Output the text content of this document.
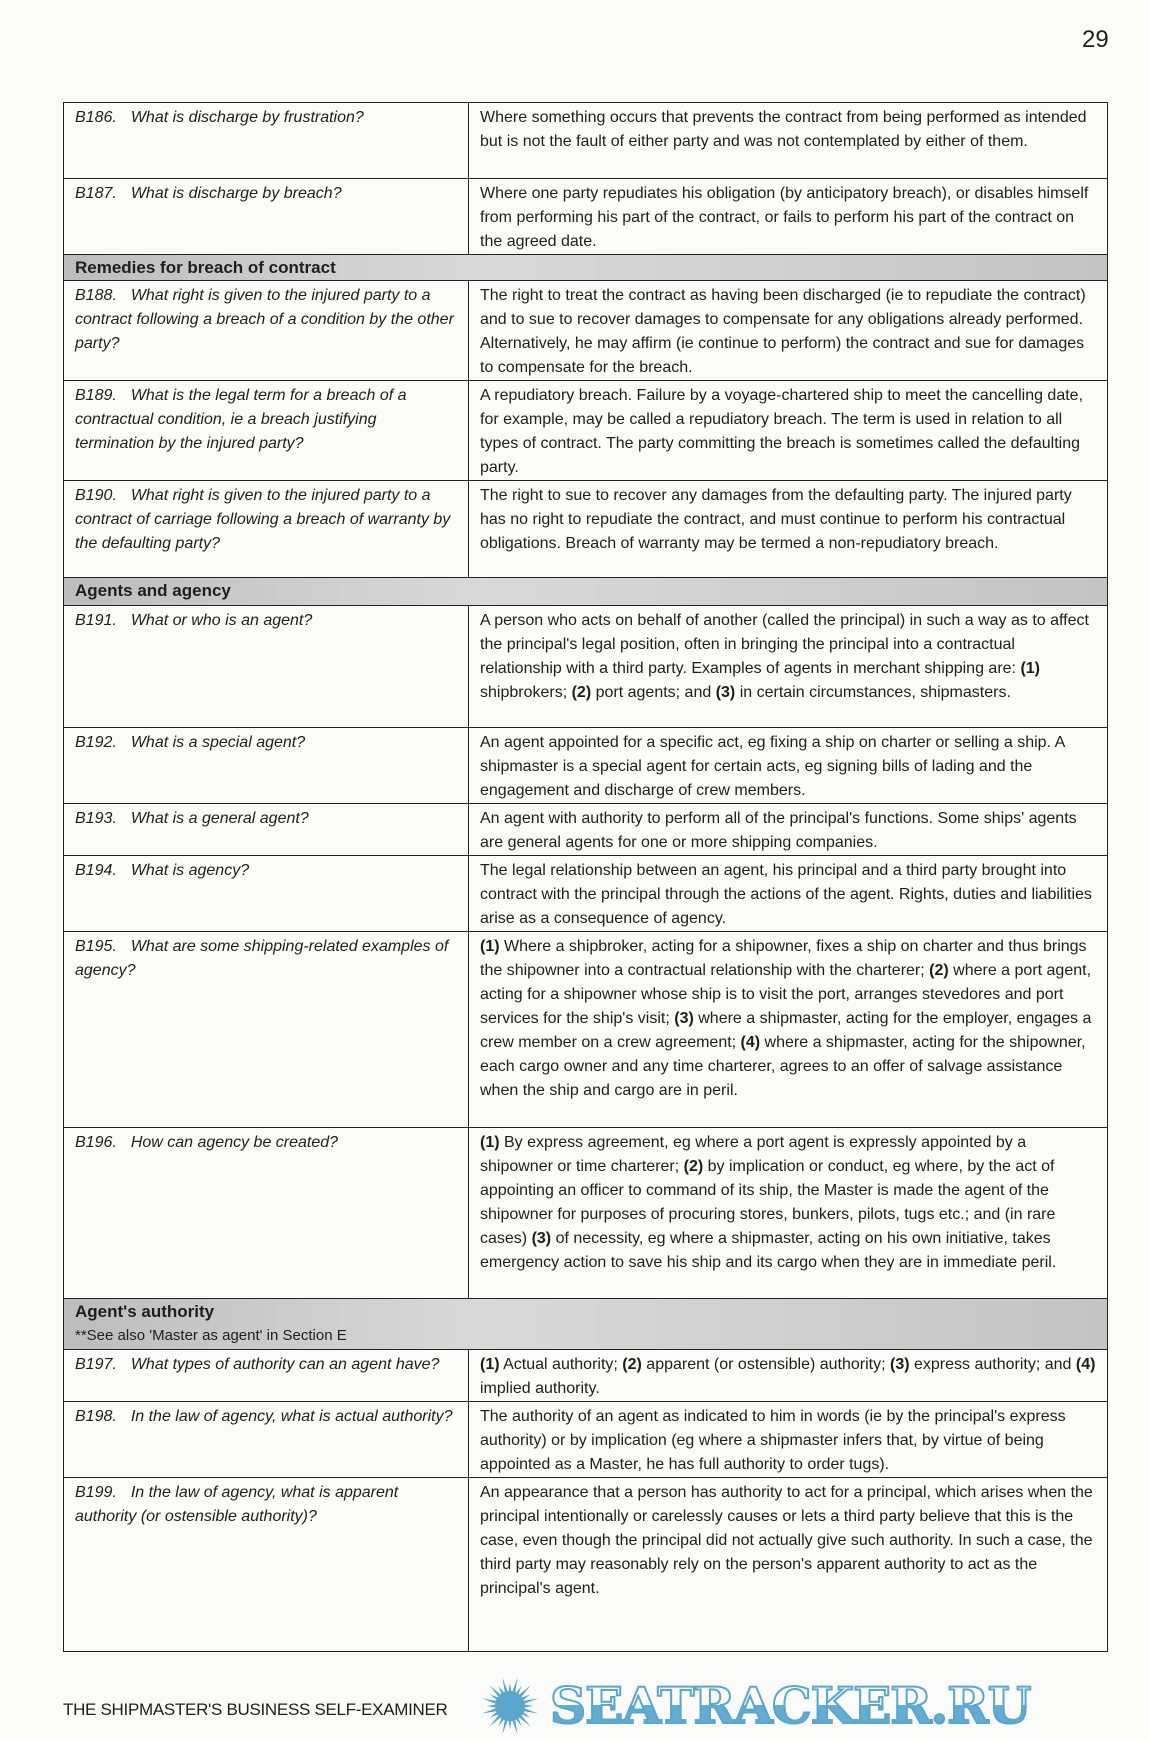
29
B186. What is discharge by frustration?	Where something occurs that prevents the contract from being performed as intended but is not the fault of either party and was not contemplated by either of them.
B187. What is discharge by breach?	Where one party repudiates his obligation (by anticipatory breach), or disables himself from performing his part of the contract, or fails to perform his part of the contract on the agreed date.

Remedies for breach of contract	

B188. What right is given to the injured party to a contract following a breach of a condition by the other party?	The right to treat the contract as having been discharged (ie to repudiate the contract) and to sue to recover damages to compensate for any obligations already performed. Alternatively, he may affirm (ie continue to perform) the contract and sue for damages to compensate for the breach.
B189. What is the legal term for a breach of a contractual condition, ie a breach justifying termination by the injured party?	A repudiatory breach. Failure by a voyage-chartered ship to meet the cancelling date, for example, may be called a repudiatory breach. The term is used in relation to all types of contract. The party committing the breach is sometimes called the defaulting party.
B190. What right is given to the injured party to a contract of carriage following a breach of warranty by the defaulting party?	The right to sue to recover any damages from the defaulting party. The injured party has no right to repudiate the contract, and must continue to perform his contractual obligations. Breach of warranty may be termed a non-repudiatory breach.

Agents and agency	

B191. What or who is an agent?	A person who acts on behalf of another (called the principal) in such a way as to affect the principal's legal position, often in bringing the principal into a contractual relationship with a third party. Examples of agents in merchant shipping are: (1) shipbrokers; (2) port agents; and (3) in certain circumstances, shipmasters.
B192. What is a special agent?	An agent appointed for a specific act, eg fixing a ship on charter or selling a ship. A shipmaster is a special agent for certain acts, eg signing bills of lading and the engagement and discharge of crew members.
B193. What is a general agent?	An agent with authority to perform all of the principal's functions. Some ships' agents are general agents for one or more shipping companies.
B194. What is agency?	The legal relationship between an agent, his principal and a third party brought into contract with the principal through the actions of the agent. Rights, duties and liabilities arise as a consequence of agency.
B195. What are some shipping-related examples of agency?	(1) Where a shipbroker, acting for a shipowner, fixes a ship on charter and thus brings the shipowner into a contractual relationship with the charterer; (2) where a port agent, acting for a shipowner whose ship is to visit the port, arranges stevedores and port services for the ship's visit; (3) where a shipmaster, acting for the employer, engages a crew member on a crew agreement; (4) where a shipmaster, acting for the shipowner, each cargo owner and any time charterer, agrees to an offer of salvage assistance when the ship and cargo are in peril.
B196. How can agency be created?	(1) By express agreement, eg where a port agent is expressly appointed by a shipowner or time charterer; (2) by implication or conduct, eg where, by the act of appointing an officer to command of its ship, the Master is made the agent of the shipowner for purposes of procuring stores, bunkers, pilots, tugs etc.; and (in rare cases) (3) of necessity, eg where a shipmaster, acting on his own initiative, takes emergency action to save his ship and its cargo when they are in immediate peril.

Agent's authority
**See also 'Master as agent' in Section E	

B197. What types of authority can an agent have?	(1) Actual authority; (2) apparent (or ostensible) authority; (3) express authority; and (4) implied authority.
B198. In the law of agency, what is actual authority?	The authority of an agent as indicated to him in words (ie by the principal's express authority) or by implication (eg where a shipmaster infers that, by virtue of being appointed as a Master, he has full authority to order tugs).
B199. In the law of agency, what is apparent authority (or ostensible authority)?	An appearance that a person has authority to act for a principal, which arises when the principal intentionally or carelessly causes or lets a third party believe that this is the case, even though the principal did not actually give such authority. In such a case, the third party may reasonably rely on the person's apparent authority to act as the principal's agent.
THE SHIPMASTER'S BUSINESS SELF-EXAMINER SEATRACKER.RU
